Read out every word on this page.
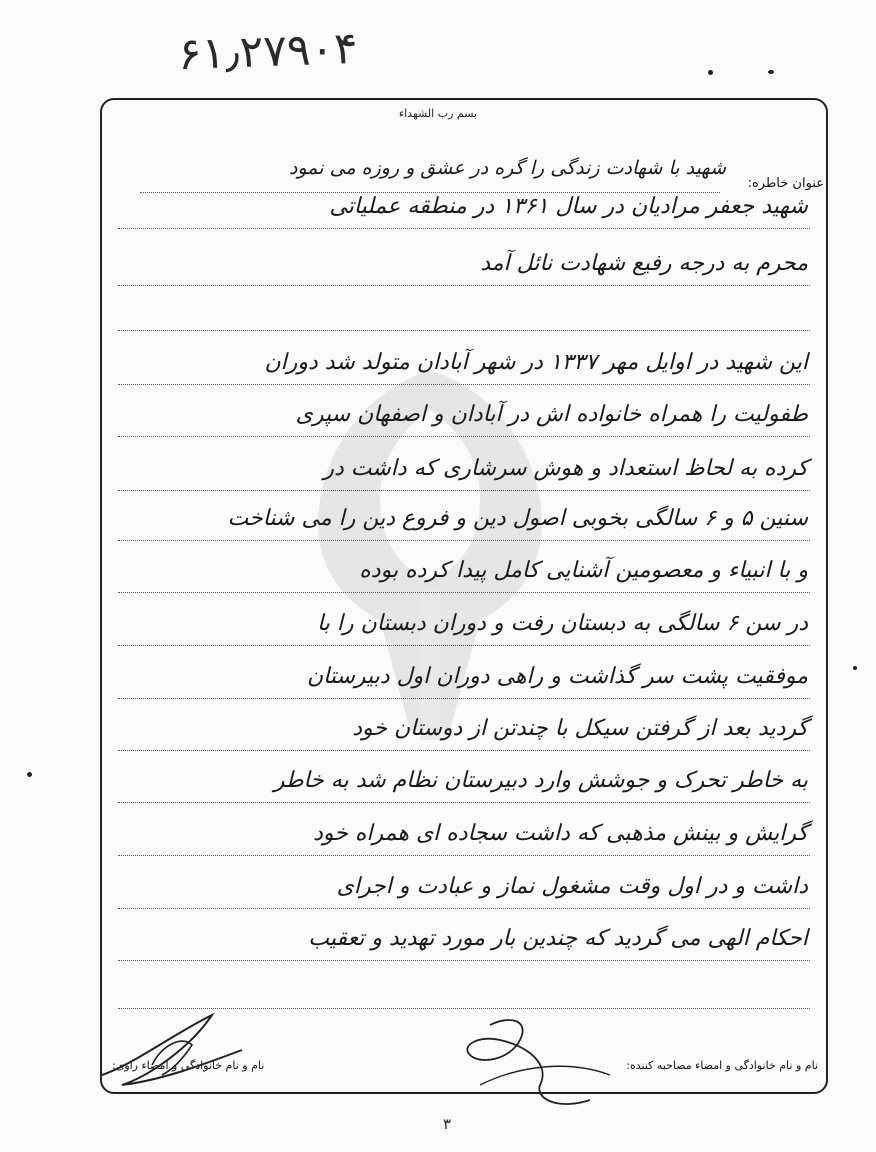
۶۱٫۲۷۹۰۴
بسم رب الشهداء
عنوان خاطره:
شهید با شهادت زندگی را گره در عشق و روزه می نمود
شهید جعفر مرادیان در سال ۱۳۶۱ در منطقه عملیاتی
محرم به درجه رفیع شهادت نائل آمد
این شهید در اوایل مهر ۱۳۳۷ در شهر آبادان متولد شد دوران
طفولیت را همراه خانواده اش در آبادان و اصفهان سپری
کرده به لحاظ استعداد و هوش سرشاری که داشت در
سنین ۵ و ۶ سالگی بخوبی اصول دین و فروع دین را می شناخت
و با انبیاء و معصومین آشنایی کامل پیدا کرده بوده
در سن ۶ سالگی به دبستان رفت و دوران دبستان را با
موفقیت پشت سر گذاشت و راهی دوران اول دبیرستان
گردید بعد از گرفتن سیکل با چندتن از دوستان خود
به خاطر تحرک و جوشش وارد دبیرستان نظام شد به خاطر
گرایش و بینش مذهبی که داشت سجاده ای همراه خود
داشت و در اول وقت مشغول نماز و عبادت و اجرای
احکام الهی می گردید که چندین بار مورد تهدید و تعقیب
نام و نام خانوادگی و امضاء مصاحبه کننده:
نام و نام خانوادگی و امضاء راوی:
۳
